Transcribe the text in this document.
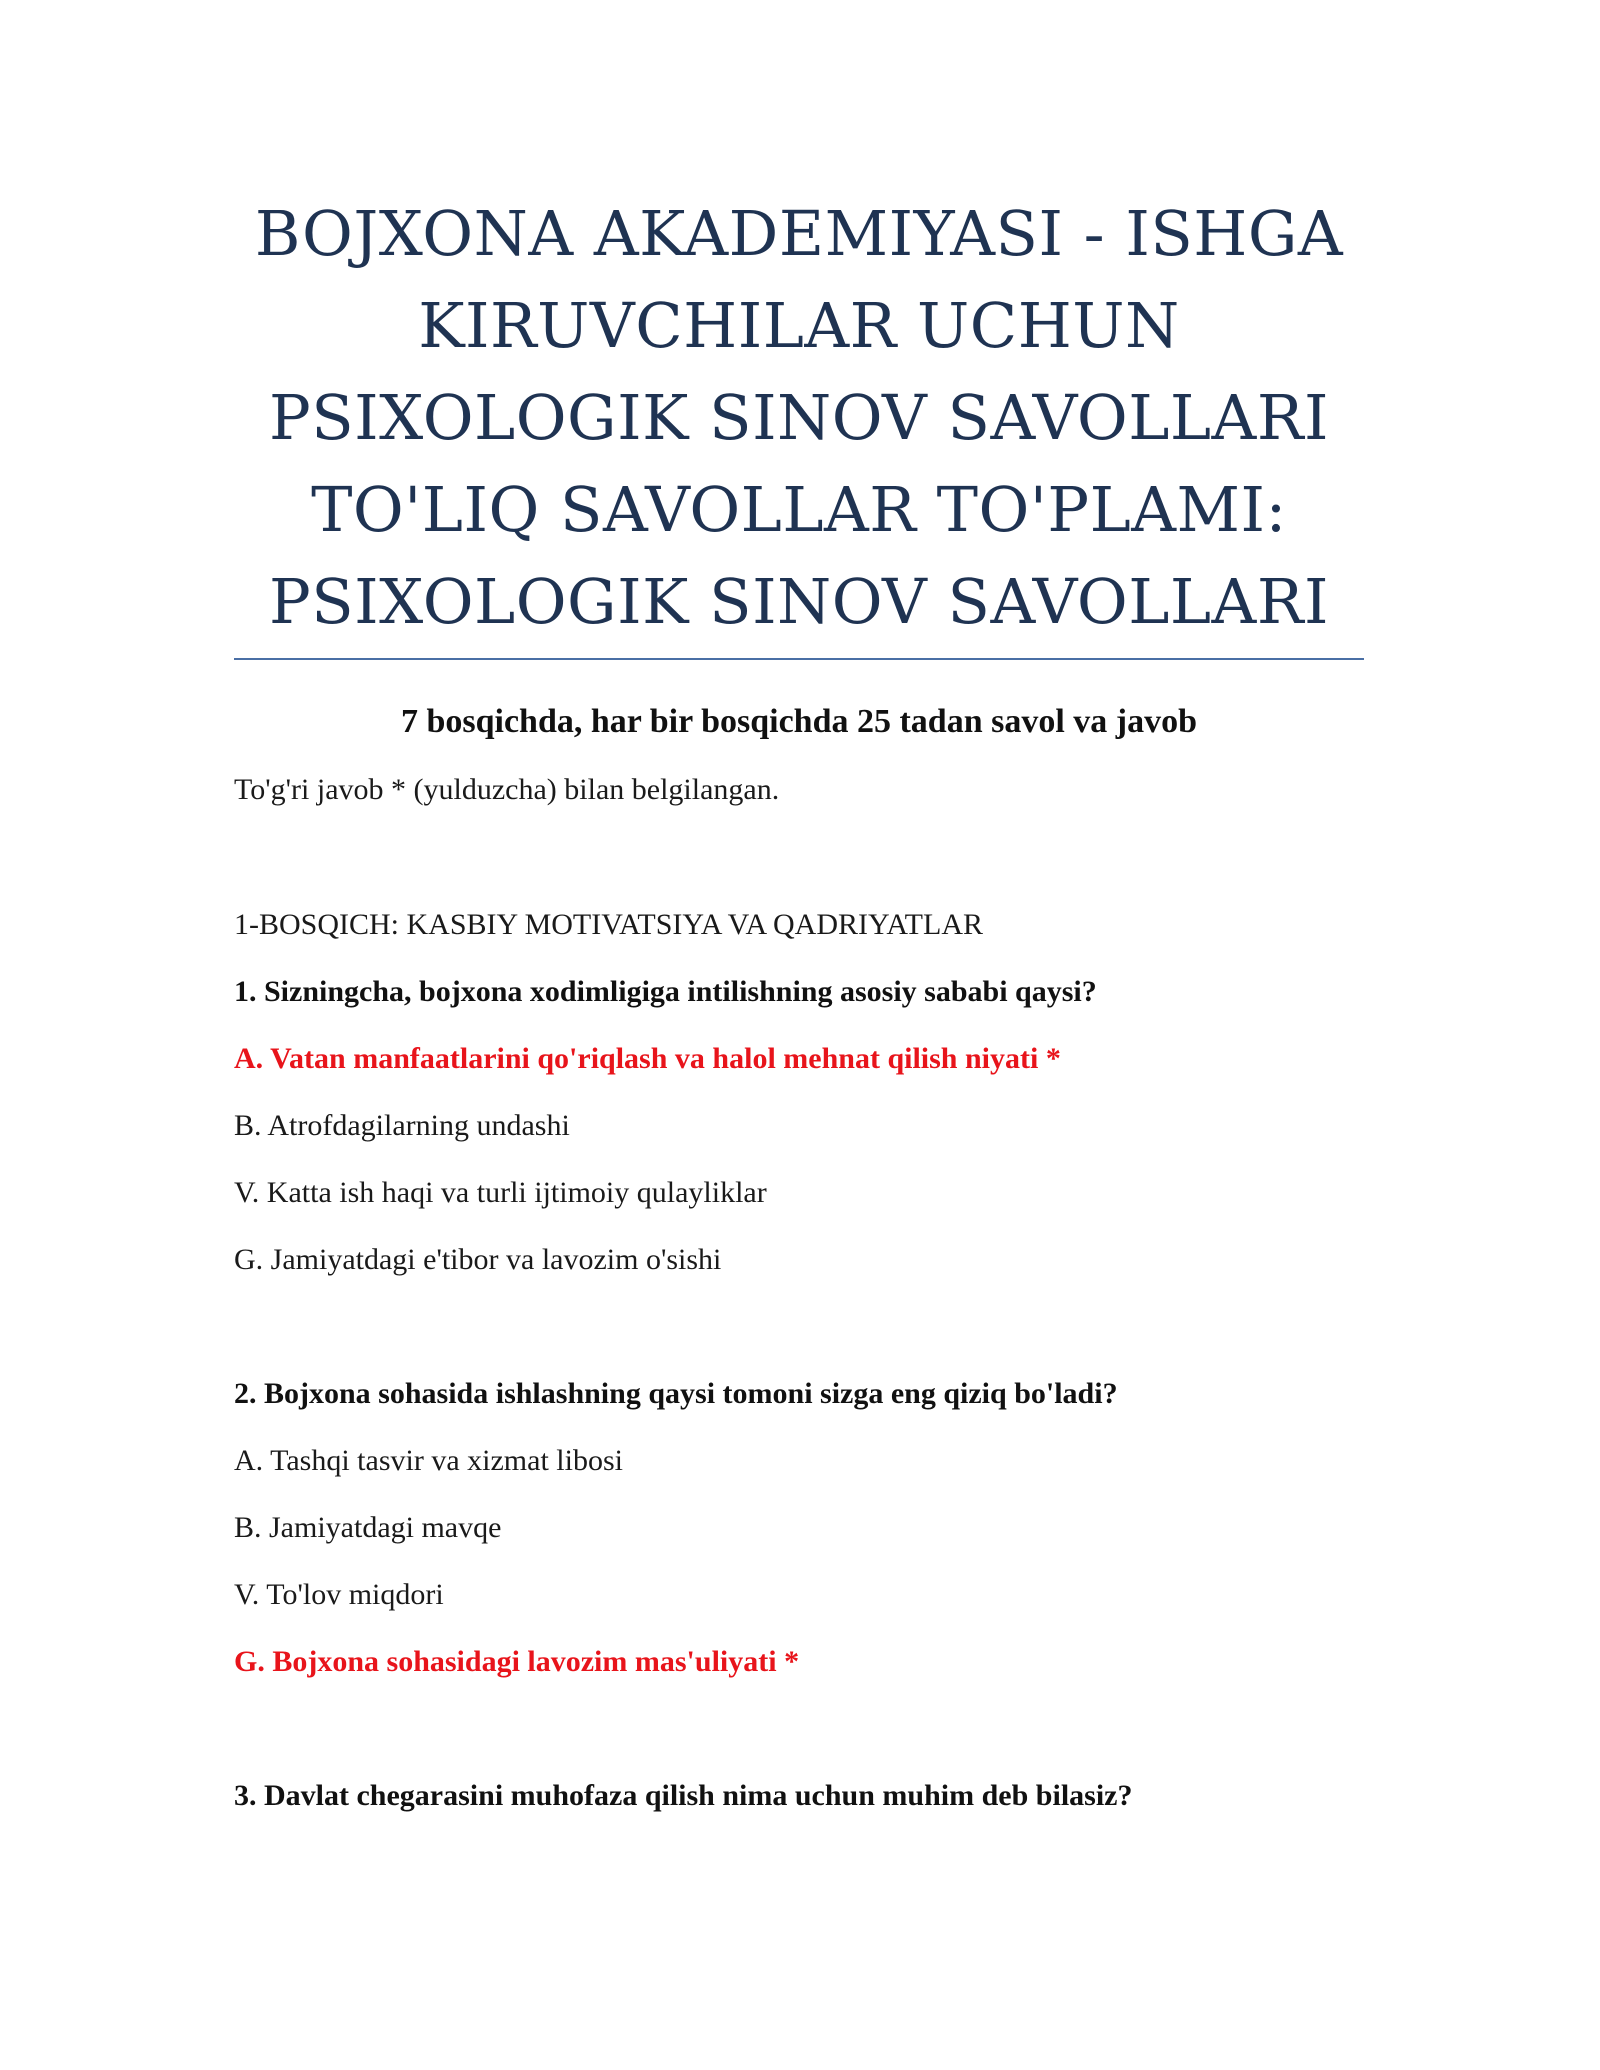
BOJXONA AKADEMIYASI - ISHGA KIRUVCHILAR UCHUN PSIXOLOGIK SINOV SAVOLLARI TO'LIQ SAVOLLAR TO'PLAMI: PSIXOLOGIK SINOV SAVOLLARI
7 bosqichda, har bir bosqichda 25 tadan savol va javob

To'g'ri javob * (yulduzcha) bilan belgilangan.

1-BOSQICH: KASBIY MOTIVATSIYA VA QADRIYATLAR

1. Sizningcha, bojxona xodimligiga intilishning asosiy sababi qaysi?

A. Vatan manfaatlarini qo'riqlash va halol mehnat qilish niyati *

B. Atrofdagilarning undashi

V. Katta ish haqi va turli ijtimoiy qulayliklar

G. Jamiyatdagi e'tibor va lavozim o'sishi

2. Bojxona sohasida ishlashning qaysi tomoni sizga eng qiziq bo'ladi?

A. Tashqi tasvir va xizmat libosi

B. Jamiyatdagi mavqe

V. To'lov miqdori

G. Bojxona sohasidagi lavozim mas'uliyati *

3. Davlat chegarasini muhofaza qilish nima uchun muhim deb bilasiz?
